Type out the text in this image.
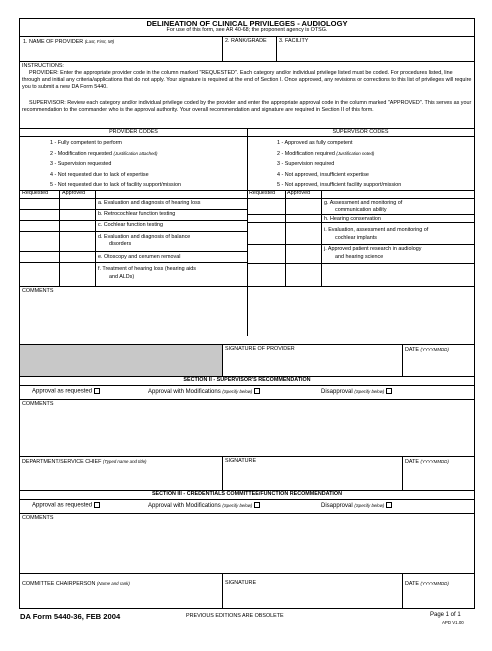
DELINEATION OF CLINICAL PRIVILEGES - AUDIOLOGY
For use of this form, see AR 40-68; the proponent agency is OTSG.
1. NAME OF PROVIDER (Last, First, MI)	2. RANK/GRADE 3. FACILITY
INSTRUCTIONS:
PROVIDER: Enter the appropriate provider code in the column marked "REQUESTED". Each category and/or individual privilege listed must be coded. For procedures listed, line through and initial any criteria/applications that do not apply. Your signature is required at the end of Section I. Once approved, any revisions or corrections to this list of privileges will require you to submit a new DA Form 5440.
SUPERVISOR: Review each category and/or individual privilege coded by the provider and enter the appropriate approval code in the column marked "APPROVED". This serves as your recommendation to the commander who is the approval authority. Your overall recommendation and signature are required in Section II of this form.
PROVIDER CODES	SUPERVISOR CODES
1 - Fully competent to perform
2 - Modification requested (Justification attached)
3 - Supervision requested
4 - Not requested due to lack of expertise
5 - Not requested due to lack of facility support/mission
1 - Approved as fully competent
2 - Modification required (Justification noted)
3 - Supervision required
4 - Not approved, insufficient expertise
5 - Not approved, insufficient facility support/mission
Requested	Approved	Requested Approved
a. Evaluation and diagnosis of hearing loss
b. Retrocochlear function testing
c. Cochlear function testing
d. Evaluation and diagnosis of balance
disorders
e. Otoscopy and cerumen removal
f. Treatment of hearing loss (hearing aids
and ALDs)
g. Assessment and monitoring of
communication ability
h. Hearing conservation
i. Evaluation, assessment and monitoring of
cochlear implants
j. Approved patient research in audiology
and hearing science
COMMENTS
SIGNATURE OF PROVIDER	DATE (YYYYMMDD)
SECTION II - SUPERVISOR'S RECOMMENDATION
Approval as requested	Approval with Modifications (Specify below)	Disapproval (Specify below)
COMMENTS
DEPARTMENT/SERVICE CHIEF (Typed name and title)	SIGNATURE	DATE (YYYYMMDD)
SECTION III - CREDENTIALS COMMITTEE/FUNCTION RECOMMENDATION
Approval as requested	Approval with Modifications (Specify below)	Disapproval (Specify below)
COMMENTS
COMMITTEE CHAIRPERSON (Name and rank)	SIGNATURE	DATE (YYYYMMDD)
DA Form 5440-36, FEB 2004	PREVIOUS EDITIONS ARE OBSOLETE	Page 1 of 1
APD V1.00
